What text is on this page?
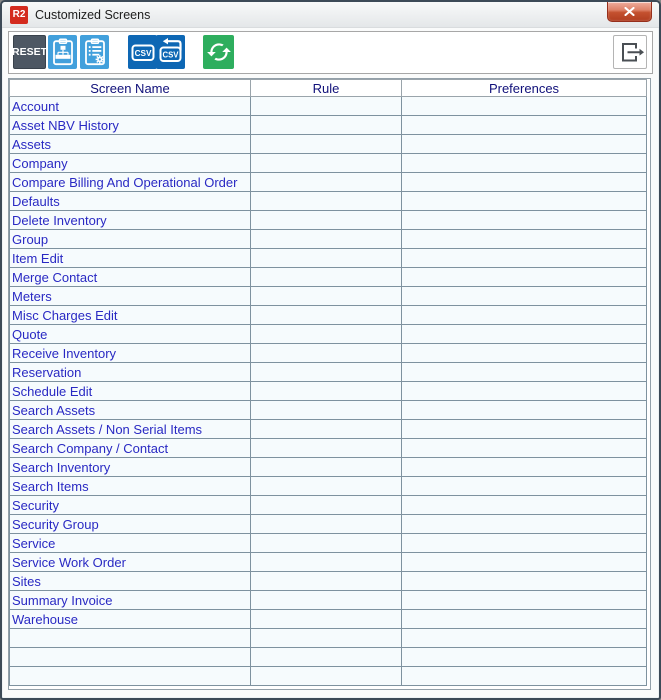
R2 Customized Screens
RESET	CSV CSV
Screen Name	Rule	Preferences
Account		
Asset NBV History		
Assets		
Company		
Compare Billing And Operational Order		
Defaults		
Delete Inventory		
Group		
Item Edit		
Merge Contact		
Meters		
Misc Charges Edit		
Quote		
Receive Inventory		
Reservation		
Schedule Edit		
Search Assets		
Search Assets / Non Serial Items		
Search Company / Contact		
Search Inventory		
Search Items		
Security		
Security Group		
Service		
Service Work Order		
Sites		
Summary Invoice		
Warehouse		
